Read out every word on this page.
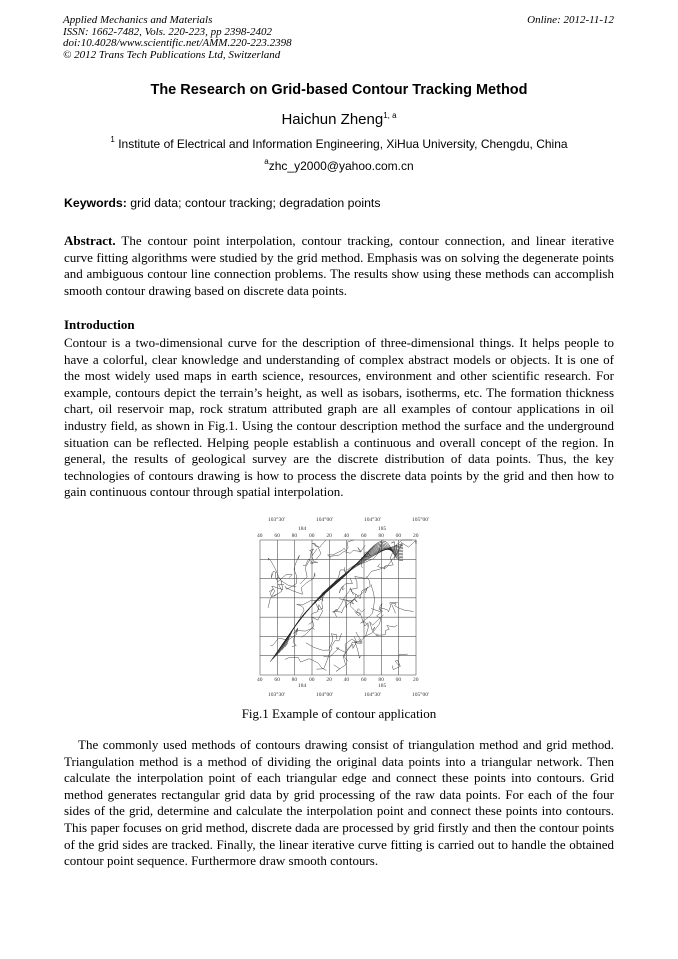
Applied Mechanics and Materials
ISSN: 1662-7482, Vols. 220-223, pp 2398-2402
doi:10.4028/www.scientific.net/AMM.220-223.2398
© 2012 Trans Tech Publications Ltd, Switzerland
Online: 2012-11-12
The Research on Grid-based Contour Tracking Method
Haichun Zheng$^{1, a}$
$^1$ Institute of Electrical and Information Engineering, XiHua University, Chengdu, China
$^a$zhc_y2000@yahoo.com.cn
Keywords: grid data; contour tracking; degradation points
Abstract. The contour point interpolation, contour tracking, contour connection, and linear iterative curve fitting algorithms were studied by the grid method. Emphasis was on solving the degenerate points and ambiguous contour line connection problems. The results show using these methods can accomplish smooth contour drawing based on discrete data points.
Introduction
Contour is a two-dimensional curve for the description of three-dimensional things. It helps people to have a colorful, clear knowledge and understanding of complex abstract models or objects. It is one of the most widely used maps in earth science, resources, environment and other scientific research. For example, contours depict the terrain’s height, as well as isobars, isotherms, etc. The formation thickness chart, oil reservoir map, rock stratum attributed graph are all examples of contour applications in oil industry field, as shown in Fig.1. Using the contour description method the surface and the underground situation can be reflected. Helping people establish a continuous and overall concept of the region. In general, the results of geological survey are the discrete distribution of data points. Thus, the key technologies of contours drawing is how to process the discrete data points by the grid and then how to gain continuous contour through spatial interpolation.
103°30'
103°30'
104°00'
104°00'
104°30'
104°30'
105°00'
105°00'
184
184
185
185
40
40
60
60
80
80
00
00
20
20
40
40
60
60
80
80
00
00
20
20
Fig.1 Example of contour application
The commonly used methods of contours drawing consist of triangulation method and grid method. Triangulation method is a method of dividing the original data points into a triangular network. Then calculate the interpolation point of each triangular edge and connect these points into contours. Grid method generates rectangular grid data by grid processing of the raw data points. For each of the four sides of the grid, determine and calculate the interpolation point and connect these points into contours. This paper focuses on grid method, discrete dada are processed by grid firstly and then the contour points of the grid sides are tracked. Finally, the linear iterative curve fitting is carried out to handle the obtained contour point sequence. Furthermore draw smooth contours.
